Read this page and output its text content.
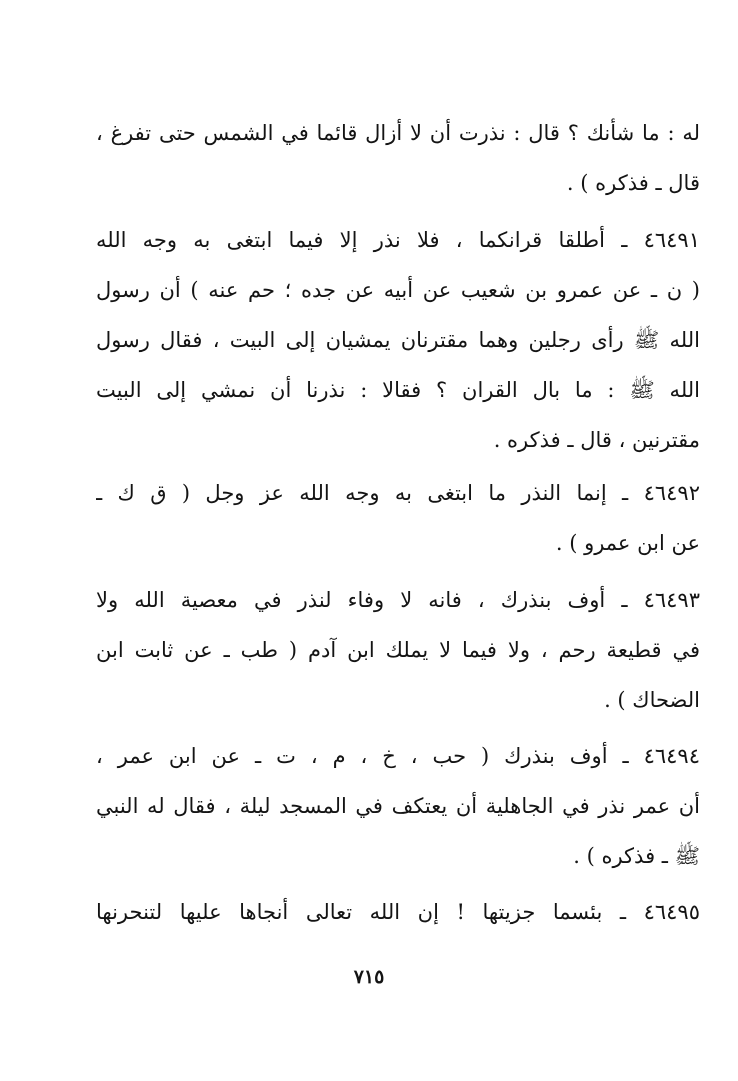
له : ما شأنك ؟ قال : نذرت أن لا أزال قائما في الشمس حتى تفرغ ،
قال ـ فذكره ) .
٤٦٤٩١ ـ أطلقا قرانكما ، فلا نذر إلا فيما ابتغى به وجه الله
( ن ـ عن عمرو بن شعيب عن أبيه عن جده ؛ حم عنه ) أن رسول
الله ﷺ رأى رجلين وهما مقترنان يمشيان إلى البيت ، فقال رسول
الله ﷺ : ما بال القران ؟ فقالا : نذرنا أن نمشي إلى البيت
مقترنين ، قال ـ فذكره .
٤٦٤٩٢ ـ إنما النذر ما ابتغى به وجه الله عز وجل ( ق ك ـ
عن ابن عمرو ) .
٤٦٤٩٣ ـ أوف بنذرك ، فانه لا وفاء لنذر في معصية الله ولا
في قطيعة رحم ، ولا فيما لا يملك ابن آدم ( طب ـ عن ثابت ابن
الضحاك ) .
٤٦٤٩٤ ـ أوف بنذرك ( حب ، خ ، م ، ت ـ عن ابن عمر ،
أن عمر نذر في الجاهلية أن يعتكف في المسجد ليلة ، فقال له النبي
ﷺ ـ فذكره ) .
٤٦٤٩٥ ـ بئسما جزيتها ! إن الله تعالى أنجاها عليها لتنحرنها
٧١٥
